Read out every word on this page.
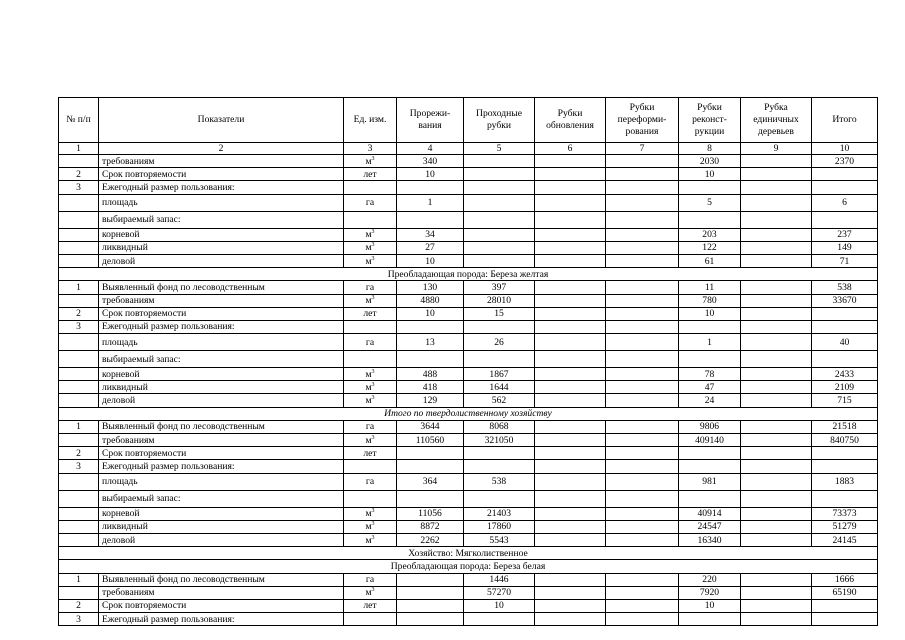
№ п/п	Показатели	Ед. изм.	Прорежи-вания	Проходные рубки	Рубки обновления	Рубки переформи-рования	Рубки реконст-рукции	Рубка единичных деревьев	Итого
1	2	3	4	5	6	7	8	9	10
	требованиям	$м^3$	340				2030		2370
2	Срок повторяемости	лет	10				10		
3	Ежегодный размер пользования:								
	площадь	га	1				5		6
	выбираемый запас:								
	корневой	$м^3$	34				203		237
	ликвидный	$м^3$	27				122		149
	деловой	$м^3$	10				61		71
Преобладающая порода: Береза желтая									
1	Выявленный фонд по лесоводственным	га	130	397			11		538
	требованиям	$м^3$	4880	28010			780		33670
2	Срок повторяемости	лет	10	15			10		
3	Ежегодный размер пользования:								
	площадь	га	13	26			1		40
	выбираемый запас:								
	корневой	$м^3$	488	1867			78		2433
	ликвидный	$м^3$	418	1644			47		2109
	деловой	$м^3$	129	562			24		715
Итого по твердолиственному хозяйству									
1	Выявленный фонд по лесоводственным	га	3644	8068			9806		21518
	требованиям	$м^3$	110560	321050			409140		840750
2	Срок повторяемости	лет							
3	Ежегодный размер пользования:								
	площадь	га	364	538			981		1883
	выбираемый запас:								
	корневой	$м^3$	11056	21403			40914		73373
	ликвидный	$м^3$	8872	17860			24547		51279
	деловой	$м^3$	2262	5543			16340		24145
Хозяйство: Мягколиственное									
Преобладающая порода: Береза белая									
1	Выявленный фонд по лесоводственным	га		1446			220		1666
	требованиям	$м^3$		57270			7920		65190
2	Срок повторяемости	лет		10			10		
3	Ежегодный размер пользования:								
